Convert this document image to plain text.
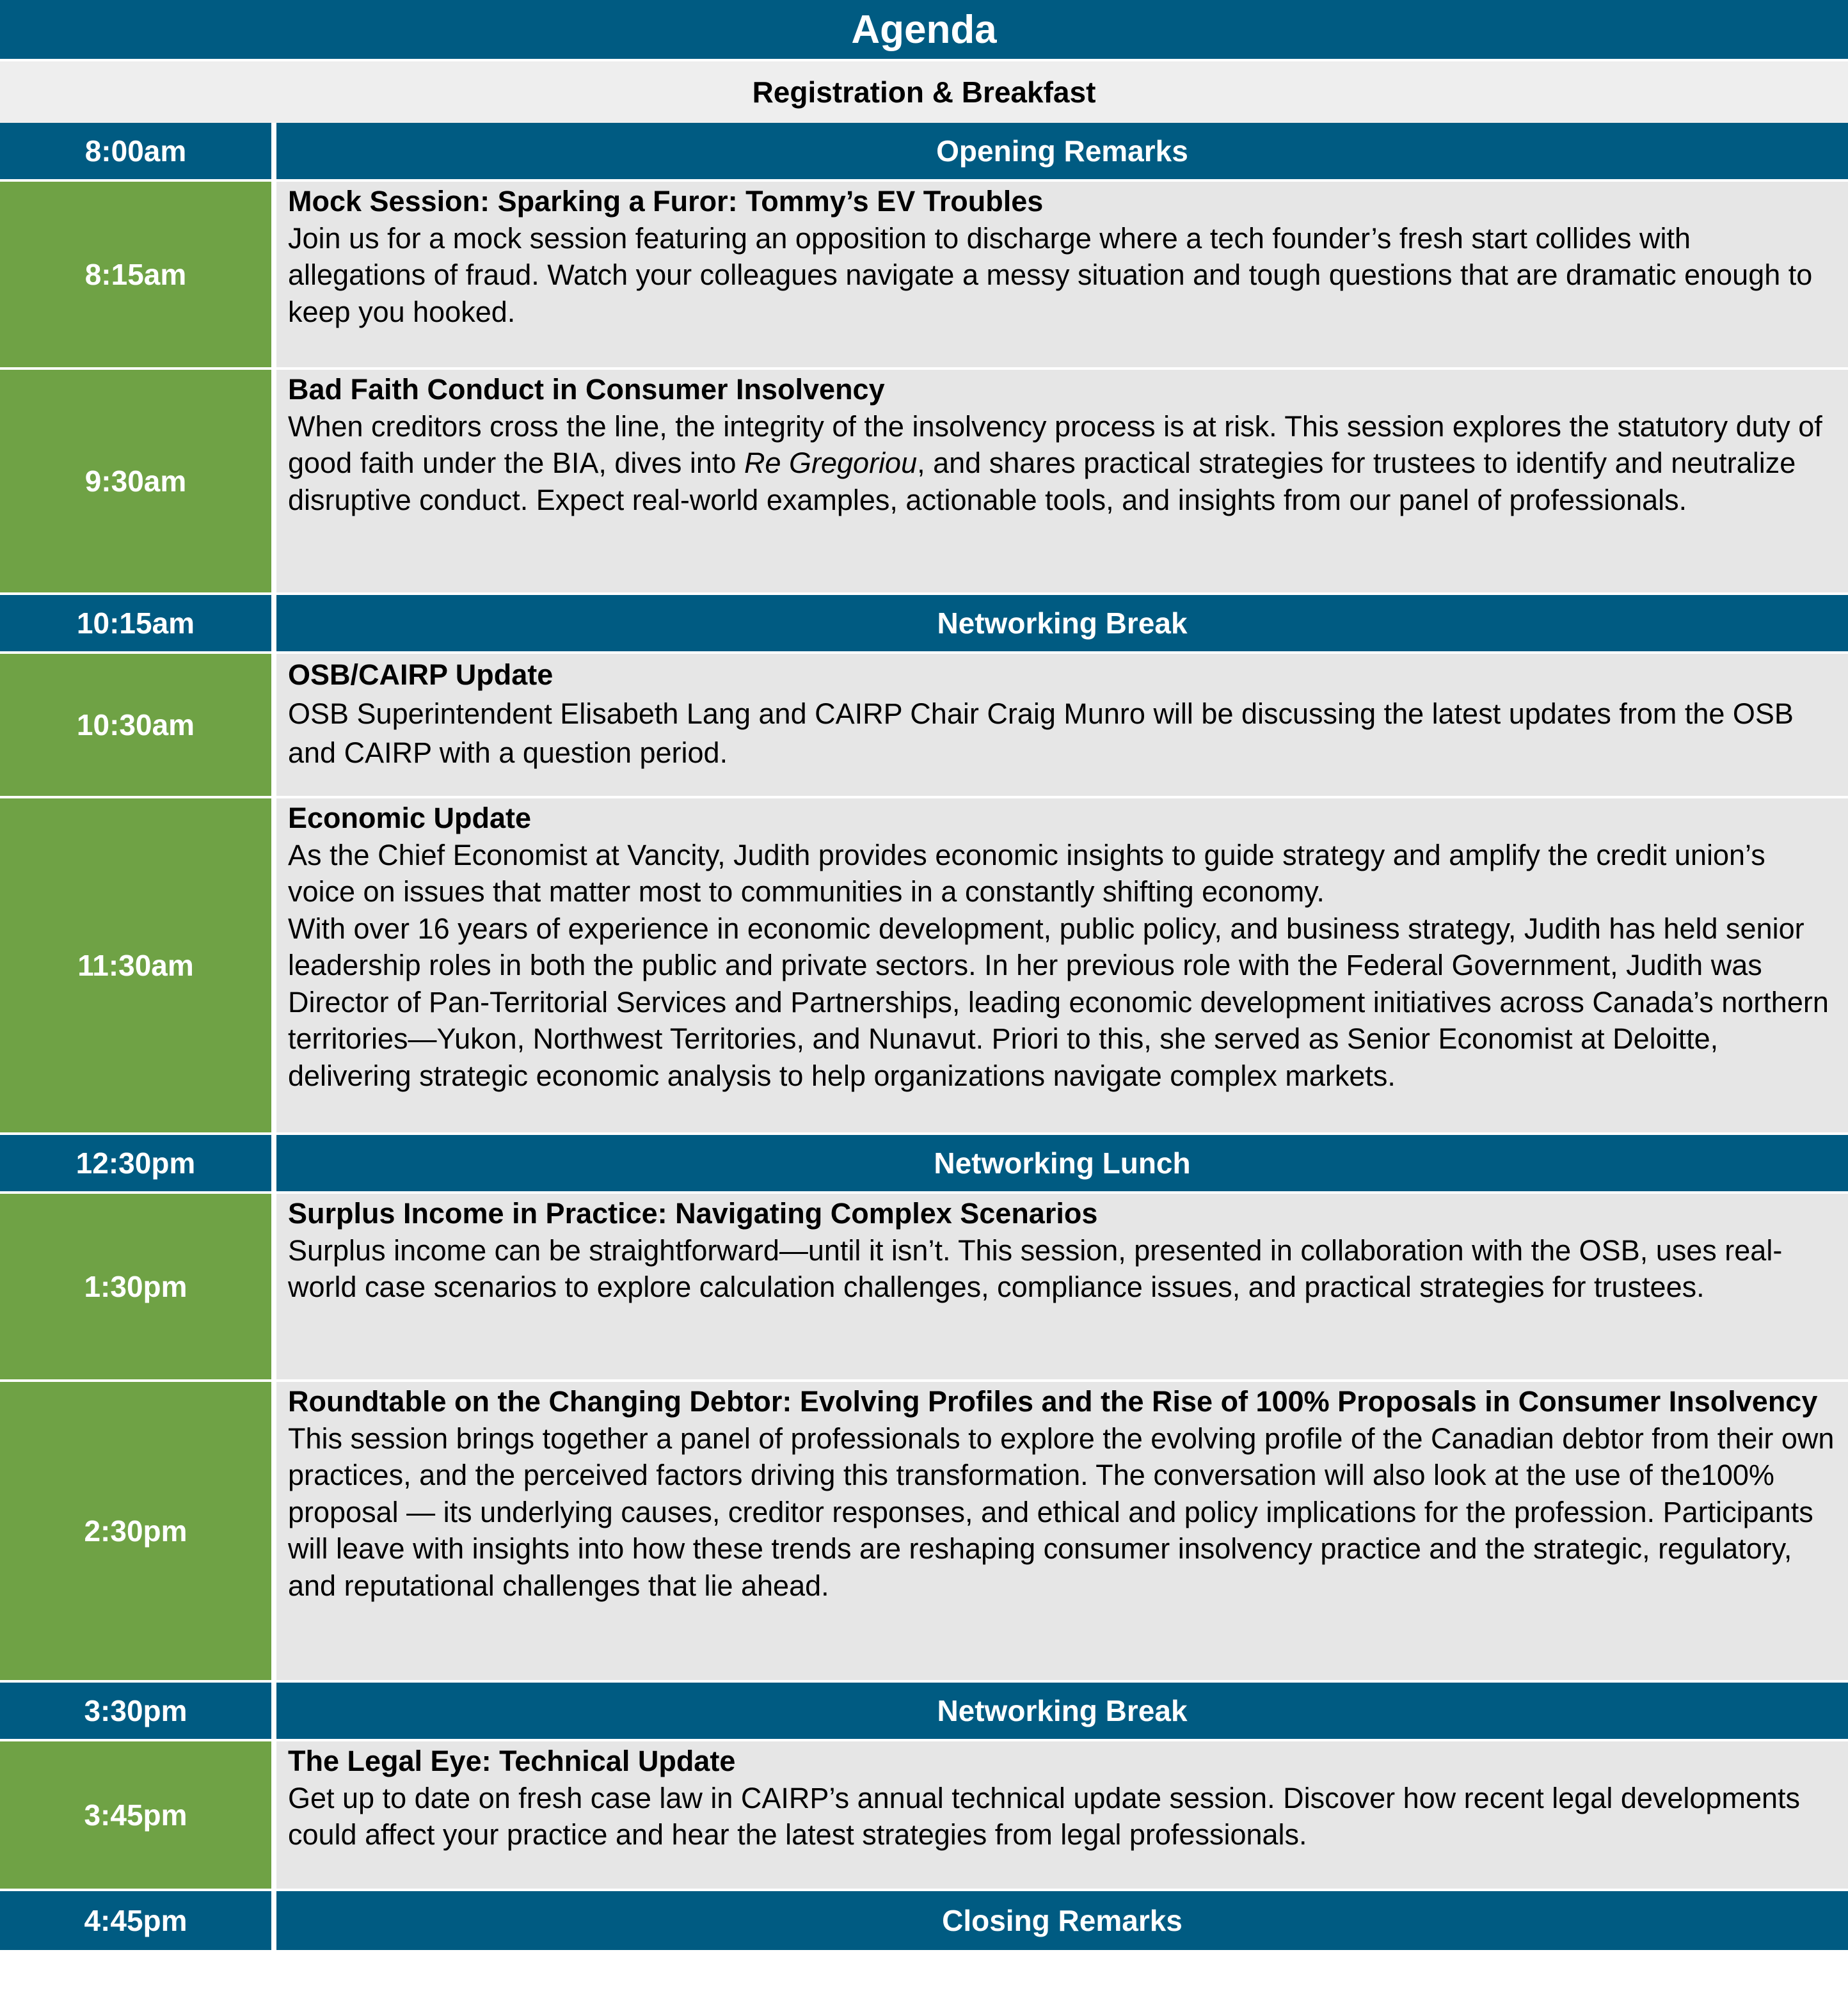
Agenda
Registration & Breakfast
8:00am	Opening Remarks
8:15am
Mock Session: Sparking a Furor: Tommy’s EV Troubles

Join us for a mock session featuring an opposition to discharge where a tech founder’s fresh start collides with allegations of fraud. Watch your colleagues navigate a messy situation and tough questions that are dramatic enough to keep you hooked.

9:30am
Bad Faith Conduct in Consumer Insolvency

When creditors cross the line, the integrity of the insolvency process is at risk. This session explores the statutory duty of good faith under the BIA, dives into Re Gregoriou, and shares practical strategies for trustees to identify and neutralize disruptive conduct. Expect real-world examples, actionable tools, and insights from our panel of professionals.

10:15am	Networking Break
10:30am
OSB/CAIRP Update

OSB Superintendent Elisabeth Lang and CAIRP Chair Craig Munro will be discussing the latest updates from the OSB and CAIRP with a question period.

11:30am
Economic Update

As the Chief Economist at Vancity, Judith provides economic insights to guide strategy and amplify the credit union’s voice on issues that matter most to communities in a constantly shifting economy.

With over 16 years of experience in economic development, public policy, and business strategy, Judith has held senior leadership roles in both the public and private sectors. In her previous role with the Federal Government, Judith was Director of Pan-Territorial Services and Partnerships, leading economic development initiatives across Canada’s northern territories—Yukon, Northwest Territories, and Nunavut. Priori to this, she served as Senior Economist at Deloitte, delivering strategic economic analysis to help organizations navigate complex markets.

12:30pm	Networking Lunch
1:30pm
Surplus Income in Practice: Navigating Complex Scenarios

Surplus income can be straightforward—until it isn’t. This session, presented in collaboration with the OSB, uses real-world case scenarios to explore calculation challenges, compliance issues, and practical strategies for trustees.

2:30pm
Roundtable on the Changing Debtor: Evolving Profiles and the Rise of 100% Proposals in Consumer Insolvency

This session brings together a panel of professionals to explore the evolving profile of the Canadian debtor from their own practices, and the perceived factors driving this transformation. The conversation will also look at the use of the100% proposal — its underlying causes, creditor responses, and ethical and policy implications for the profession. Participants will leave with insights into how these trends are reshaping consumer insolvency practice and the strategic, regulatory, and reputational challenges that lie ahead.

3:30pm	Networking Break
3:45pm
The Legal Eye: Technical Update

Get up to date on fresh case law in CAIRP’s annual technical update session. Discover how recent legal developments could affect your practice and hear the latest strategies from legal professionals.

4:45pm	Closing Remarks
